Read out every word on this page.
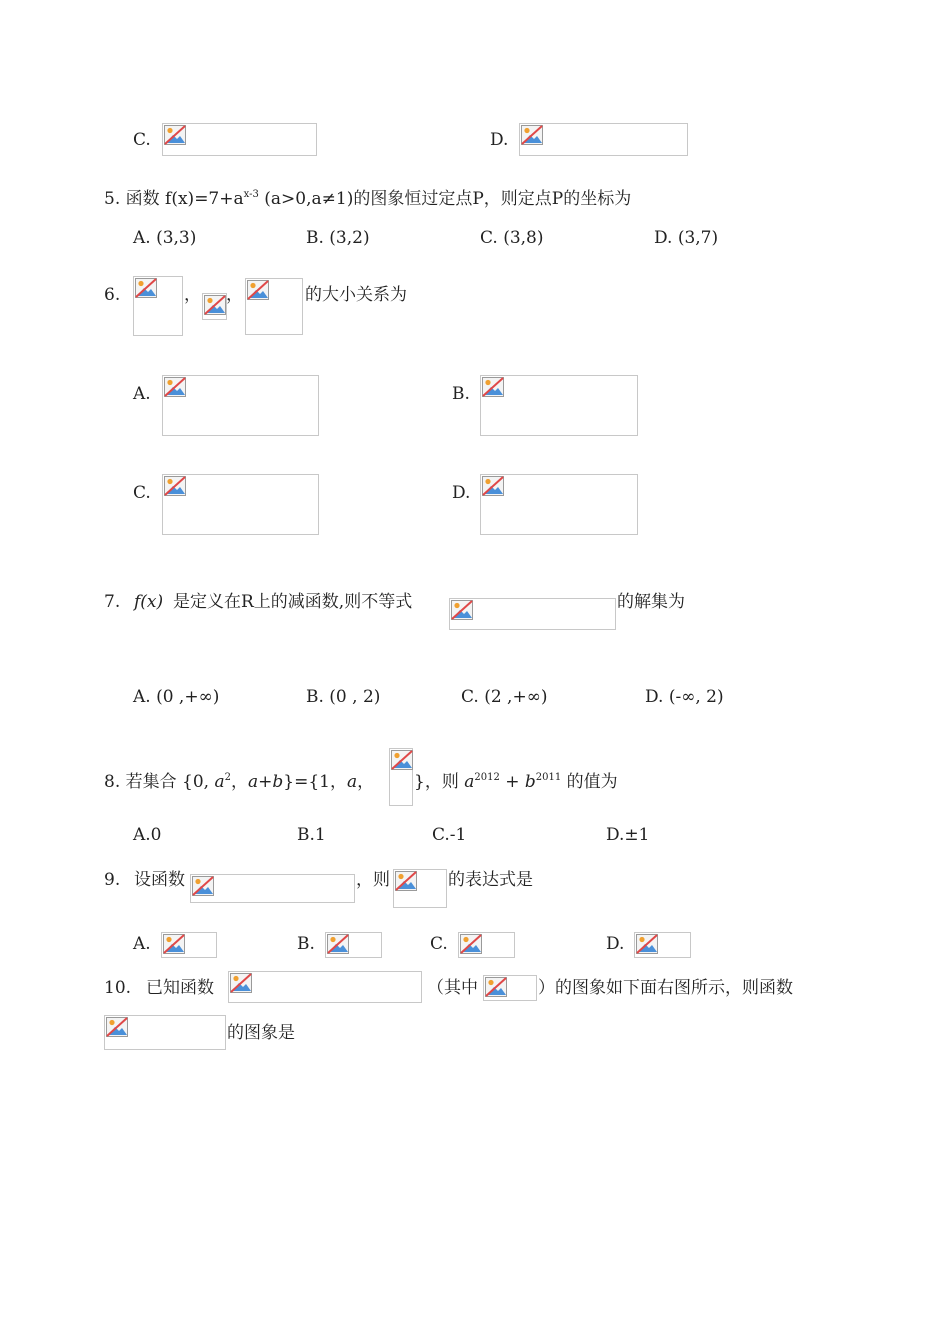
C.	D.
5. 函数 $f(x)=7+a^{x-3}$ (a>0,a≠1)的图象恒过定点P，则定点P的坐标为
A. (3,3)	B. (3,2)	C. (3,8)	D. (3,7)
6.	， ，	的大小关系为
A.	B.
C.	D.
7. f(x) 是定义在R上的减函数,则不等式	的解集为
A. (0 ,+∞)	B. (0 , 2)	C. (2 ,+∞)	D. (-∞, 2)
8. 若集合 {0, $a^2$，a+b}={1，a， }，则 $a^{2012} + b^{2011}$ 的值为
A.0	B.1	C.-1	D.±1
9. 设函数	，则	的表达式是
A.	B.	C.	D.
10. 已知函数	（其中	）的图象如下面右图所示，则函数
的图象是
